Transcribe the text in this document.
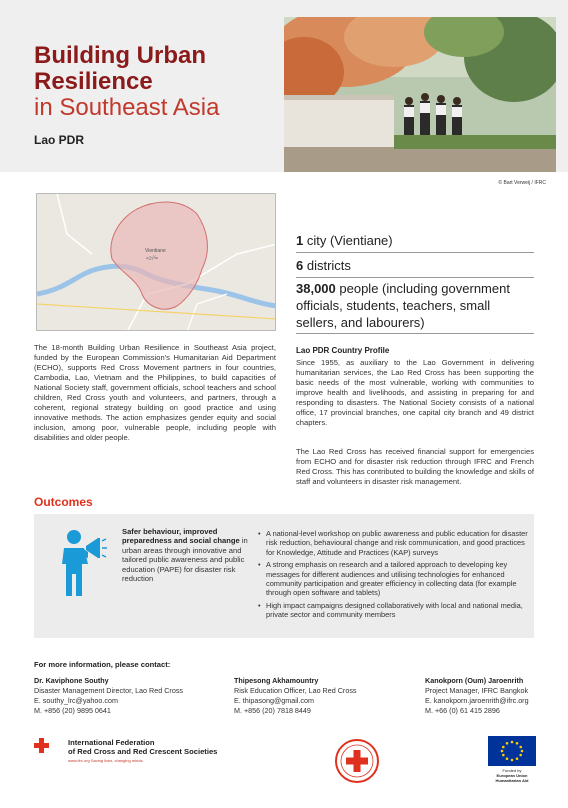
Building Urban
Resilience
in Southeast Asia
Lao PDR
© Bart Verweij / IFRC
Vientiane
ວຽງຈັນ
1 city (Vientiane)
6 districts
38,000 people (including government officials, students, teachers, small sellers, and labourers)
The 18-month Building Urban Resilience in Southeast Asia project, funded by the European Commission's Humanitarian Aid Department (ECHO), supports Red Cross Movement partners in four countries, Cambodia, Lao, Vietnam and the Philippines, to build capacities of National Society staff, government officials, school teachers and school children, Red Cross youth and volunteers, and partners, through a coherent, regional strategy building on good practice and using innovative methods. The action emphasizes gender equity and social inclusion, among poor, vulnerable people, including people with disabilities and older people.
Lao PDR Country Profile
Since 1955, as auxiliary to the Lao Government in delivering humanitarian services, the Lao Red Cross has been supporting the basic needs of the most vulnerable, working with communities to improve health and livelihoods, and assisting in preparing for and responding to disasters. The National Society consists of a national office, 17 provincial branches, one capital city branch and 49 district chapters.
The Lao Red Cross has received financial support for emergencies from ECHO and for disaster risk reduction through IFRC and French Red Cross. This has contributed to building the knowledge and skills of staff and volunteers in disaster risk management.
Outcomes
Safer behaviour, improved preparedness and social change in urban areas through innovative and tailored public awareness and public education (PAPE) for disaster risk reduction
• A national-level workshop on public awareness and public education for disaster risk reduction, behavioural change and risk communication, and good practices for Knowledge, Attitude and Practices (KAP) surveys
• A strong emphasis on research and a tailored approach to developing key messages for different audiences and utilising technologies for enhanced community participation and greater efficiency in collecting data (for example through open software and tablets)
• High impact campaigns designed collaboratively with local and national media, private sector and community members
For more information, please contact:
Dr. Kaviphone Southy
Disaster Management Director, Lao Red Cross
E. southy_lrc@yahoo.com
M. +856 (20) 9895 0641
Thipesong Akhamountry
Risk Education Officer, Lao Red Cross
E. thipasong@gmail.com
M. +856 (20) 7818 8449
Kanokporn (Oum) Jaroenrith
Project Manager, IFRC Bangkok
E. kanokporn.jaroenrith@ifrc.org
M. +66 (0) 61 415 2896
International Federation
of Red Cross and Red Crescent Societies
www.ifrc.org Saving lives, changing minds.
Funded by
European Union
Humanitarian Aid
